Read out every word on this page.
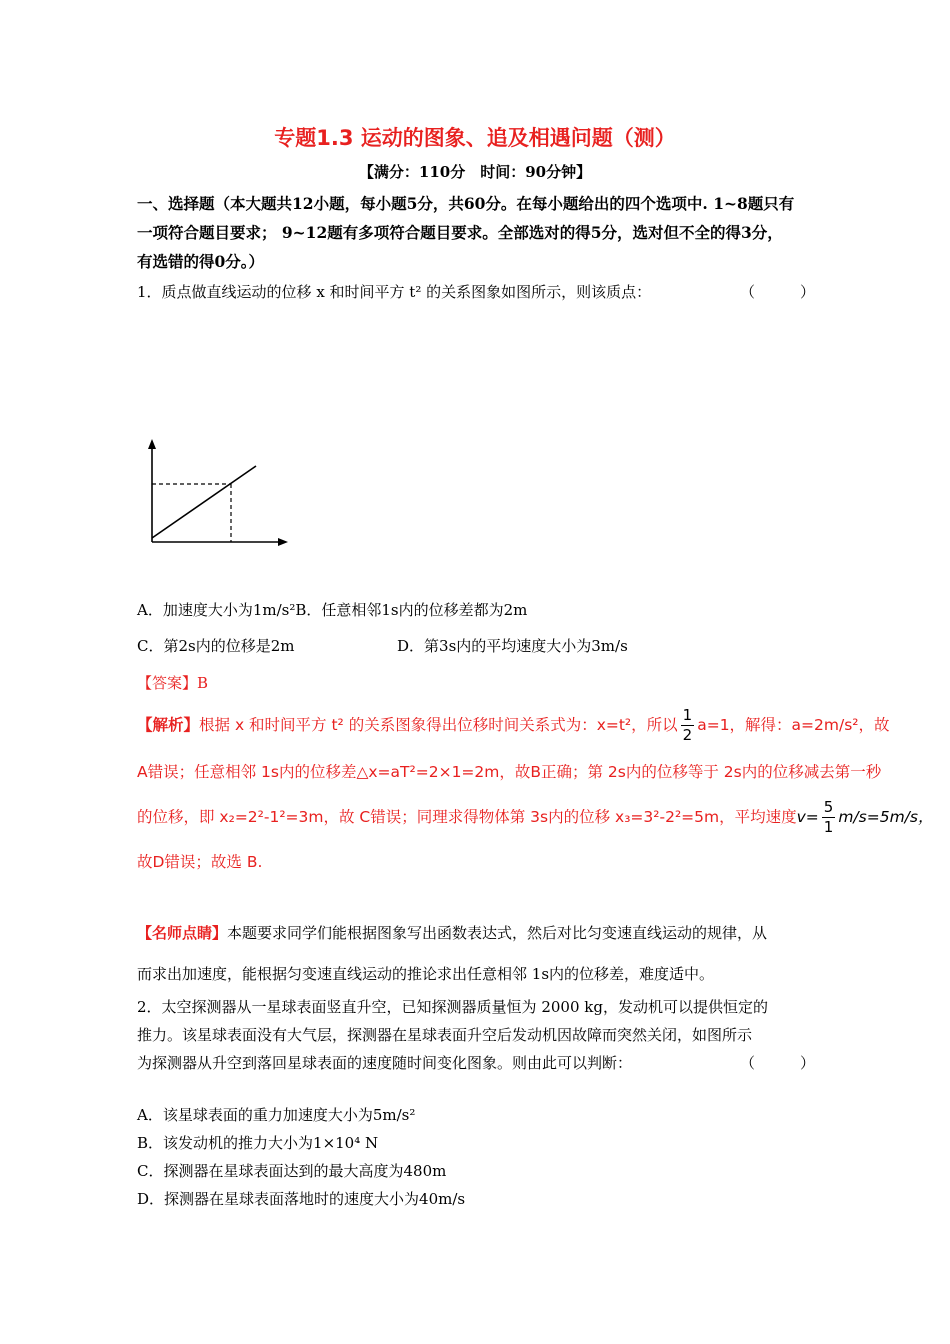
专题1.3 运动的图象、追及相遇问题（测）
【满分：110分　时间：90分钟】
一、选择题（本大题共12小题，每小题5分，共60分。在每小题给出的四个选项中. 1~8题只有
一项符合题目要求； 9~12题有多项符合题目要求。全部选对的得5分，选对但不全的得3分，
有选错的得0分。）
1．质点做直线运动的位移 x 和时间平方 t² 的关系图象如图所示，则该质点：	（　　　）
A．加速度大小为1m/s²B．任意相邻1s内的位移差都为2m
C．第2s内的位移是2m	D．第3s内的平均速度大小为3m/s
【答案】B
【解析】根据 x 和时间平方 t² 的关系图象得出位移时间关系式为：x=t²，所以 $\frac{1}{2} a=1$，解得：a=2m/s²，故
A错误；任意相邻 1s内的位移差△x=aT²=2×1=2m，故B正确；第 2s内的位移等于 2s内的位移减去第一秒
的位移，即 x₂=2²-1²=3m，故 C错误；同理求得物体第 3s内的位移 x₃=3²-2²=5m，平均速度$v= \frac{5}{1} m/s=5m/s$，
故D错误；故选 B.
【名师点睛】本题要求同学们能根据图象写出函数表达式，然后对比匀变速直线运动的规律，从
而求出加速度，能根据匀变速直线运动的推论求出任意相邻 1s内的位移差，难度适中。
2．太空探测器从一星球表面竖直升空，已知探测器质量恒为 2000 kg，发动机可以提供恒定的
推力。该星球表面没有大气层，探测器在星球表面升空后发动机因故障而突然关闭，如图所示
为探测器从升空到落回星球表面的速度随时间变化图象。则由此可以判断：	（　　　）
A．该星球表面的重力加速度大小为5m/s²
B．该发动机的推力大小为1×10⁴ N
C．探测器在星球表面达到的最大高度为480m
D．探测器在星球表面落地时的速度大小为40m/s
